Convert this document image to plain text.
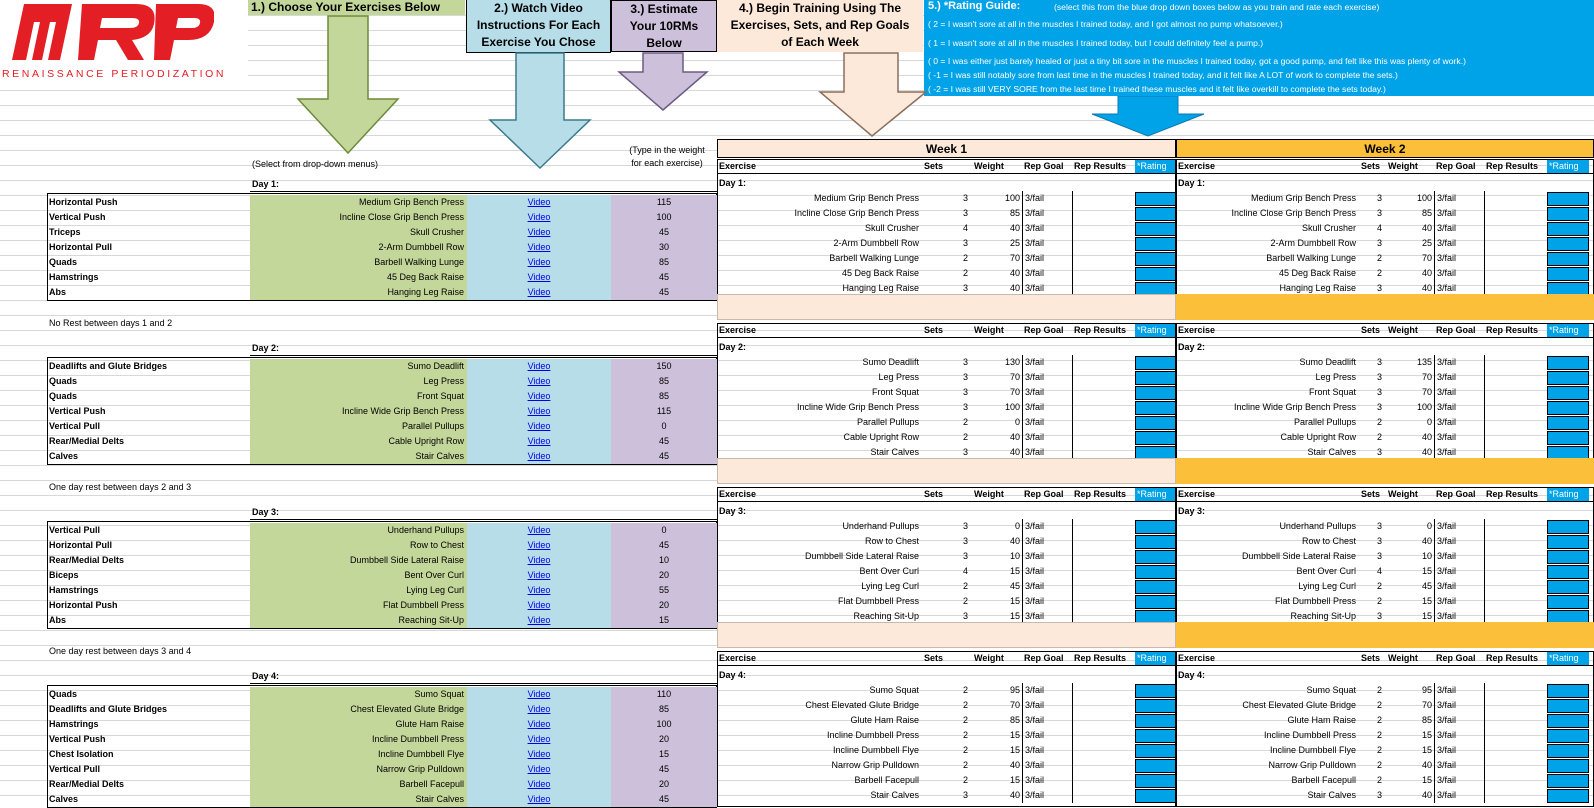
RENAISSANCE PERIODIZATION
1.) Choose Your Exercises Below	2.) Watch Video
Instructions For Each
Exercise You Chose
3.) Estimate
Your 10RMs
Below
4.) Begin Training Using The
Exercises, Sets, and Rep Goals
of Each Week
5.) *Rating Guide:	(select this from the blue drop down boxes below as you train and rate each exercise)
( 2 = I wasn't sore at all in the muscles I trained today, and I got almost no pump whatsoever.)
( 1 = I wasn't sore at all in the muscles I trained today, but I could definitely feel a pump.)
( 0 = I was either just barely healed or just a tiny bit sore in the muscles I trained today, got a good pump, and felt like this was plenty of work.)
( -1 = I was still notably sore from last time in the muscles I trained today, and it felt like A LOT of work to complete the sets.)
( -2 = I was still VERY SORE from the last time I trained these muscles and it felt like overkill to complete the sets today.)
(Select from drop-down menus)
(Type in the weight
for each exercise)
Week 1	Week 2
Day 1:
Exercise	Sets	Weight	Rep Goal	Rep Results	*Rating
Day 1:
Exercise	Sets Weight	Rep Goal	Rep Results	*Rating
Day 1:
Horizontal Push	Medium Grip Bench Press	Video	115	Medium Grip Bench Press	3	100 3/fail	Medium Grip Bench Press	3	100 3/fail
Vertical Push	Incline Close Grip Bench Press	Video	100	Incline Close Grip Bench Press	3	85 3/fail	Incline Close Grip Bench Press	3	85 3/fail
Triceps	Skull Crusher	Video	45	Skull Crusher	4	40 3/fail	Skull Crusher	4	40 3/fail
Horizontal Pull	2-Arm Dumbbell Row	Video	30	2-Arm Dumbbell Row	3	25 3/fail	2-Arm Dumbbell Row	3	25 3/fail
Quads	Barbell Walking Lunge	Video	85	Barbell Walking Lunge	2	70 3/fail	Barbell Walking Lunge	2	70 3/fail
Hamstrings	45 Deg Back Raise	Video	45	45 Deg Back Raise	2	40 3/fail	45 Deg Back Raise	2	40 3/fail
Abs	Hanging Leg Raise	Video	45	Hanging Leg Raise	3	40 3/fail	Hanging Leg Raise	3	40 3/fail
No Rest between days 1 and 2
Day 2:
Exercise	Sets	Weight	Rep Goal	Rep Results	*Rating
Day 2:
Exercise	Sets Weight	Rep Goal	Rep Results	*Rating
Day 2:
Deadlifts and Glute Bridges	Sumo Deadlift	Video	150	Sumo Deadlift	3	130 3/fail	Sumo Deadlift	3	135 3/fail
Quads	Leg Press	Video	85	Leg Press	3	70 3/fail	Leg Press	3	70 3/fail
Quads	Front Squat	Video	85	Front Squat	3	70 3/fail	Front Squat	3	70 3/fail
Vertical Push	Incline Wide Grip Bench Press	Video	115	Incline Wide Grip Bench Press	3	100 3/fail	Incline Wide Grip Bench Press	3	100 3/fail
Vertical Pull	Parallel Pullups	Video	0	Parallel Pullups	2	0 3/fail	Parallel Pullups	2	0 3/fail
Rear/Medial Delts	Cable Upright Row	Video	45	Cable Upright Row	2	40 3/fail	Cable Upright Row	2	40 3/fail
Calves	Stair Calves	Video	45	Stair Calves	3	40 3/fail	Stair Calves	3	40 3/fail
One day rest between days 2 and 3
Day 3:
Exercise	Sets	Weight	Rep Goal	Rep Results	*Rating
Day 3:
Exercise	Sets Weight	Rep Goal	Rep Results	*Rating
Day 3:
Vertical Pull	Underhand Pullups	Video	0	Underhand Pullups	3	0 3/fail	Underhand Pullups	3	0 3/fail
Horizontal Pull	Row to Chest	Video	45	Row to Chest	3	40 3/fail	Row to Chest	3	40 3/fail
Rear/Medial Delts	Dumbbell Side Lateral Raise	Video	10	Dumbbell Side Lateral Raise	3	10 3/fail	Dumbbell Side Lateral Raise	3	10 3/fail
Biceps	Bent Over Curl	Video	20	Bent Over Curl	4	15 3/fail	Bent Over Curl	4	15 3/fail
Hamstrings	Lying Leg Curl	Video	55	Lying Leg Curl	2	45 3/fail	Lying Leg Curl	2	45 3/fail
Horizontal Push	Flat Dumbbell Press	Video	20	Flat Dumbbell Press	2	15 3/fail	Flat Dumbbell Press	2	15 3/fail
Abs	Reaching Sit-Up	Video	15	Reaching Sit-Up	3	15 3/fail	Reaching Sit-Up	3	15 3/fail
One day rest between days 3 and 4
Day 4:
Exercise	Sets	Weight	Rep Goal	Rep Results	*Rating
Day 4:
Exercise	Sets Weight	Rep Goal	Rep Results	*Rating
Day 4:
Quads	Sumo Squat	Video	110	Sumo Squat	2	95 3/fail	Sumo Squat	2	95 3/fail
Deadlifts and Glute Bridges	Chest Elevated Glute Bridge	Video	85	Chest Elevated Glute Bridge	2	70 3/fail	Chest Elevated Glute Bridge	2	70 3/fail
Hamstrings	Glute Ham Raise	Video	100	Glute Ham Raise	2	85 3/fail	Glute Ham Raise	2	85 3/fail
Vertical Push	Incline Dumbbell Press	Video	20	Incline Dumbbell Press	2	15 3/fail	Incline Dumbbell Press	2	15 3/fail
Chest Isolation	Incline Dumbbell Flye	Video	15	Incline Dumbbell Flye	2	15 3/fail	Incline Dumbbell Flye	2	15 3/fail
Vertical Pull	Narrow Grip Pulldown	Video	45	Narrow Grip Pulldown	2	40 3/fail	Narrow Grip Pulldown	2	40 3/fail
Rear/Medial Delts	Barbell Facepull	Video	20	Barbell Facepull	2	15 3/fail	Barbell Facepull	2	15 3/fail
Calves	Stair Calves	Video	45	Stair Calves	3	40 3/fail	Stair Calves	3	40 3/fail
